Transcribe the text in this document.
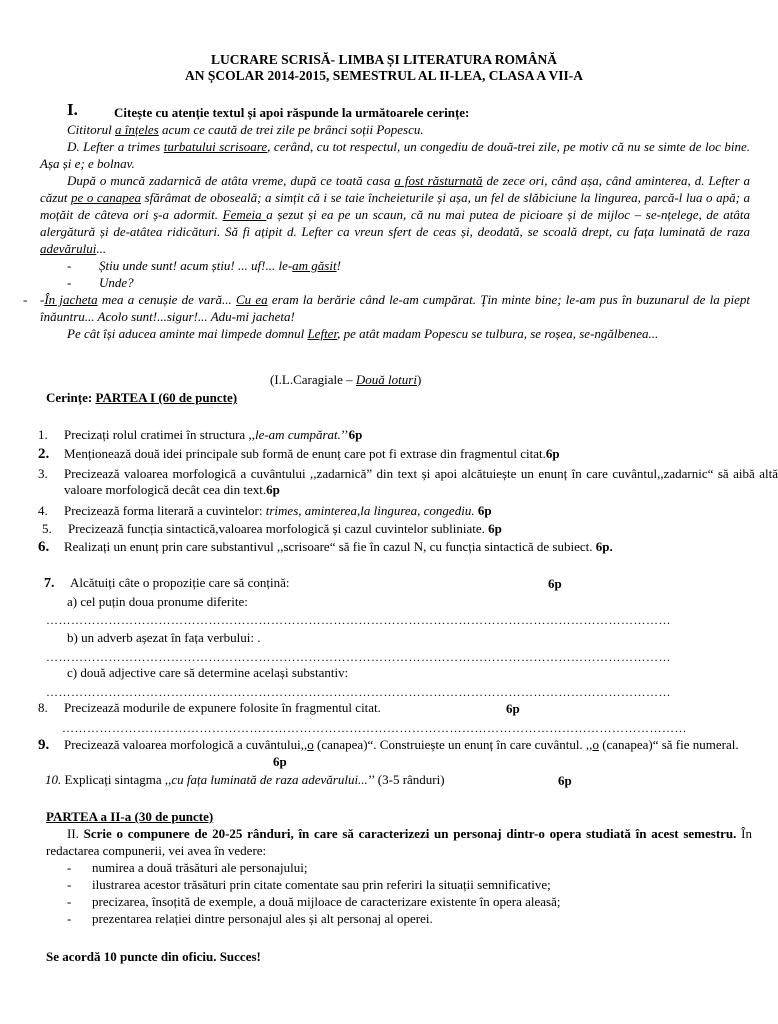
LUCRARE SCRISĂ- LIMBA ȘI LITERATURA ROMÂNĂ
AN ȘCOLAR 2014-2015, SEMESTRUL AL II-LEA, CLASA A VII-A
I.	Citește cu atenție textul și apoi răspunde la următoarele cerințe:

Cititorul a înțeles acum ce caută de trei zile pe brânci soții Popescu.

D. Lefter a trimes turbatului scrisoare, cerând, cu tot respectul, un congediu de două-trei zile, pe motiv că nu se simte de loc bine. Așa și e; e bolnav.

După o muncă zadarnică de atâta vreme, după ce toată casa a fost răsturnată de zece ori, când așa, când aminterea, d. Lefter a căzut pe o canapea sfărâmat de oboseală; a simțit că i se taie încheieturile și așa, un fel de slăbiciune la lingurea, parcă-l lua o apă; a moțăit de câteva ori ș-a adormit. Femeia a șezut și ea pe un scaun, că nu mai putea de picioare și de mijloc – se-nțelege, de atâta alergătură și de-atâtea ridicături. Să fi ațipit d. Lefter ca vreun sfert de ceas și, deodată, se scoală drept, cu fața luminată de raza adevărului...

- Știu unde sunt! acum știu! ... uf!... le-am găsit!

- Unde?

- -În jacheta mea a cenușie de vară... Cu ea eram la berărie când le-am cumpărat. Țin minte bine; le-am pus în buzunarul de la piept înăuntru... Acolo sunt!...sigur!... Adu-mi jacheta!

Pe cât își aducea aminte mai limpede domnul Lefter, pe atât madam Popescu se tulbura, se roșea, se-ngălbenea...

(I.L.Caragiale – Două loturi)
Cerințe: PARTEA I (60 de puncte)
1. Precizați rolul cratimei în structura ,,le-am cumpărat.’’6p
2. Menționează două idei principale sub formă de enunț care pot fi extrase din fragmentul citat.6p
3. Precizează valoarea morfologică a cuvântului ,,zadarnică” din text și apoi alcătuiește un enunț în care cuvântul,,zadarnic“ să aibă altă valoare morfologică decât cea din text.6p
4. Precizează forma literară a cuvintelor: trimes, aminterea,la lingurea, congediu. 6p
5. Precizează funcția sintactică,valoarea morfologică și cazul cuvintelor subliniate. 6p
6. Realizați un enunț prin care substantivul ,,scrisoare“ să fie în cazul N, cu funcția sintactică de subiect. 6p.
7. Alcătuiți câte o propoziție care să conțină:	6p
a) cel puțin doua pronume diferite:
……………………………………………………………………………………………………………………………………
b) un adverb așezat în fața verbului: .
……………………………………………………………………………………………………………………………………
c) două adjective care să determine același substantiv:
……………………………………………………………………………………………………………………………………
8. Precizează modurile de expunere folosite în fragmentul citat.	6p
……………………………………………………………………………………………………………………………………
9. Precizează valoarea morfologică a cuvântului,,o (canapea)“. Construiește un enunț în care cuvântul. ,,o (canapea)“ să fie numeral.
6p
10. Explicați sintagma ,,cu fața luminată de raza adevărului...’’ (3-5 rânduri)	6p
PARTEA a II-a (30 de puncte)
II. Scrie o compunere de 20-25 rânduri, în care să caracterizezi un personaj dintr-o opera studiată în acest semestru. În redactarea compunerii, vei avea în vedere:
- numirea a două trăsături ale personajului;
- ilustrarea acestor trăsături prin citate comentate sau prin referiri la situații semnificative;
- precizarea, însoțită de exemple, a două mijloace de caracterizare existente în opera aleasă;
- prezentarea relației dintre personajul ales și alt personaj al operei.
Se acordă 10 puncte din oficiu. Succes!
